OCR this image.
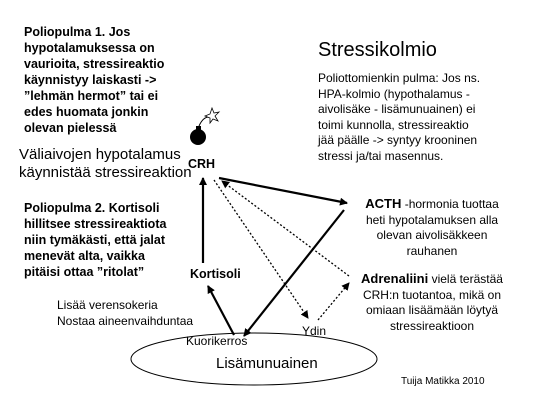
Poliopulma 1. Jos
hypotalamuksessa on
vaurioita, stressireaktio
käynnistyy laiskasti ->
”lehmän hermot” tai ei
edes huomata jonkin
olevan pielessä
Stressikolmio
Poliottomienkin pulma: Jos ns.
HPA-kolmio (hypothalamus -
aivolisäke - lisämunuainen) ei
toimi kunnolla, stressireaktio
jää päälle -> syntyy krooninen
stressi ja/tai masennus.
Väliaivojen hypotalamus
käynnistää stressireaktion
CRH
Poliopulma 2. Kortisoli
hillitsee stressireaktiota
niin tymäkästi, että jalat
menevät alta, vaikka
pitäisi ottaa ”ritolat”
ACTH -hormonia tuottaa
heti hypotalamuksen alla
olevan aivolisäkkeen
rauhanen
Kortisoli	Adrenaliini vielä terästää
CRH:n tuotantoa, mikä on
omiaan lisäämään löytyä
stressireaktioon
Lisää verensokeria
Nostaa aineenvaihduntaa
Ydin
Kuorikerros
Lisämunuainen
Tuija Matikka 2010
